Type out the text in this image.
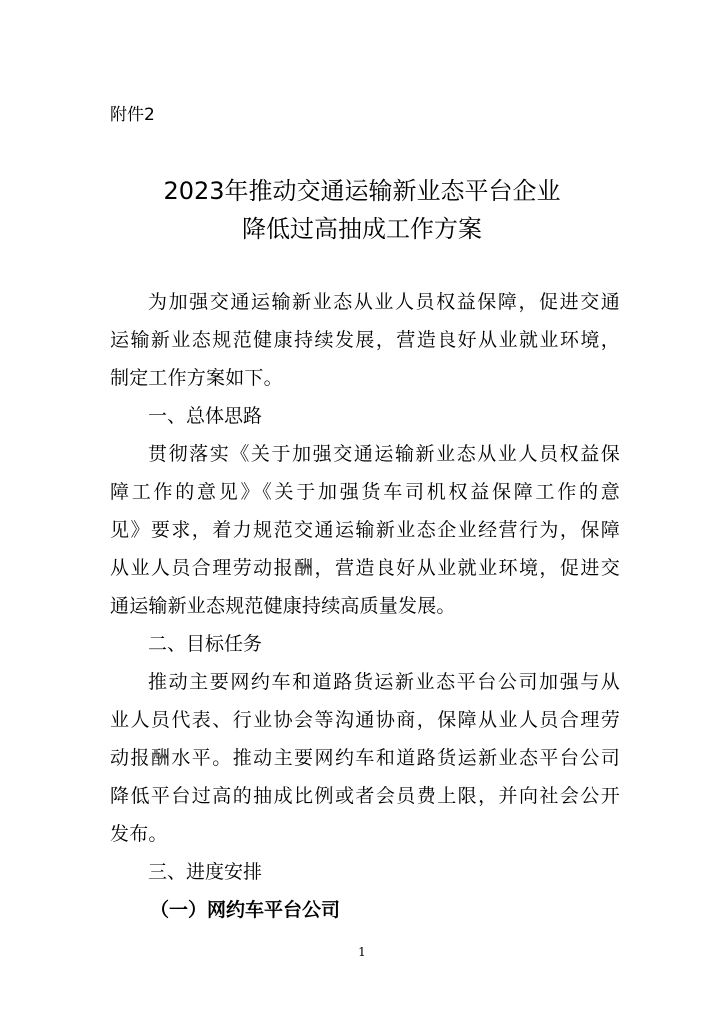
附件2
2023年推动交通运输新业态平台企业
降低过高抽成工作方案
为加强交通运输新业态从业人员权益保障，促进交通
运输新业态规范健康持续发展，营造良好从业就业环境，
制定工作方案如下。
一、总体思路
贯彻落实《关于加强交通运输新业态从业人员权益保
障工作的意见》《关于加强货车司机权益保障工作的意
见》要求，着力规范交通运输新业态企业经营行为，保障
从业人员合理劳动报酬，营造良好从业就业环境，促进交
通运输新业态规范健康持续高质量发展。
二、目标任务
推动主要网约车和道路货运新业态平台公司加强与从
业人员代表、行业协会等沟通协商，保障从业人员合理劳
动报酬水平。推动主要网约车和道路货运新业态平台公司
降低平台过高的抽成比例或者会员费上限，并向社会公开
发布。
三、进度安排
（一）网约车平台公司
1
